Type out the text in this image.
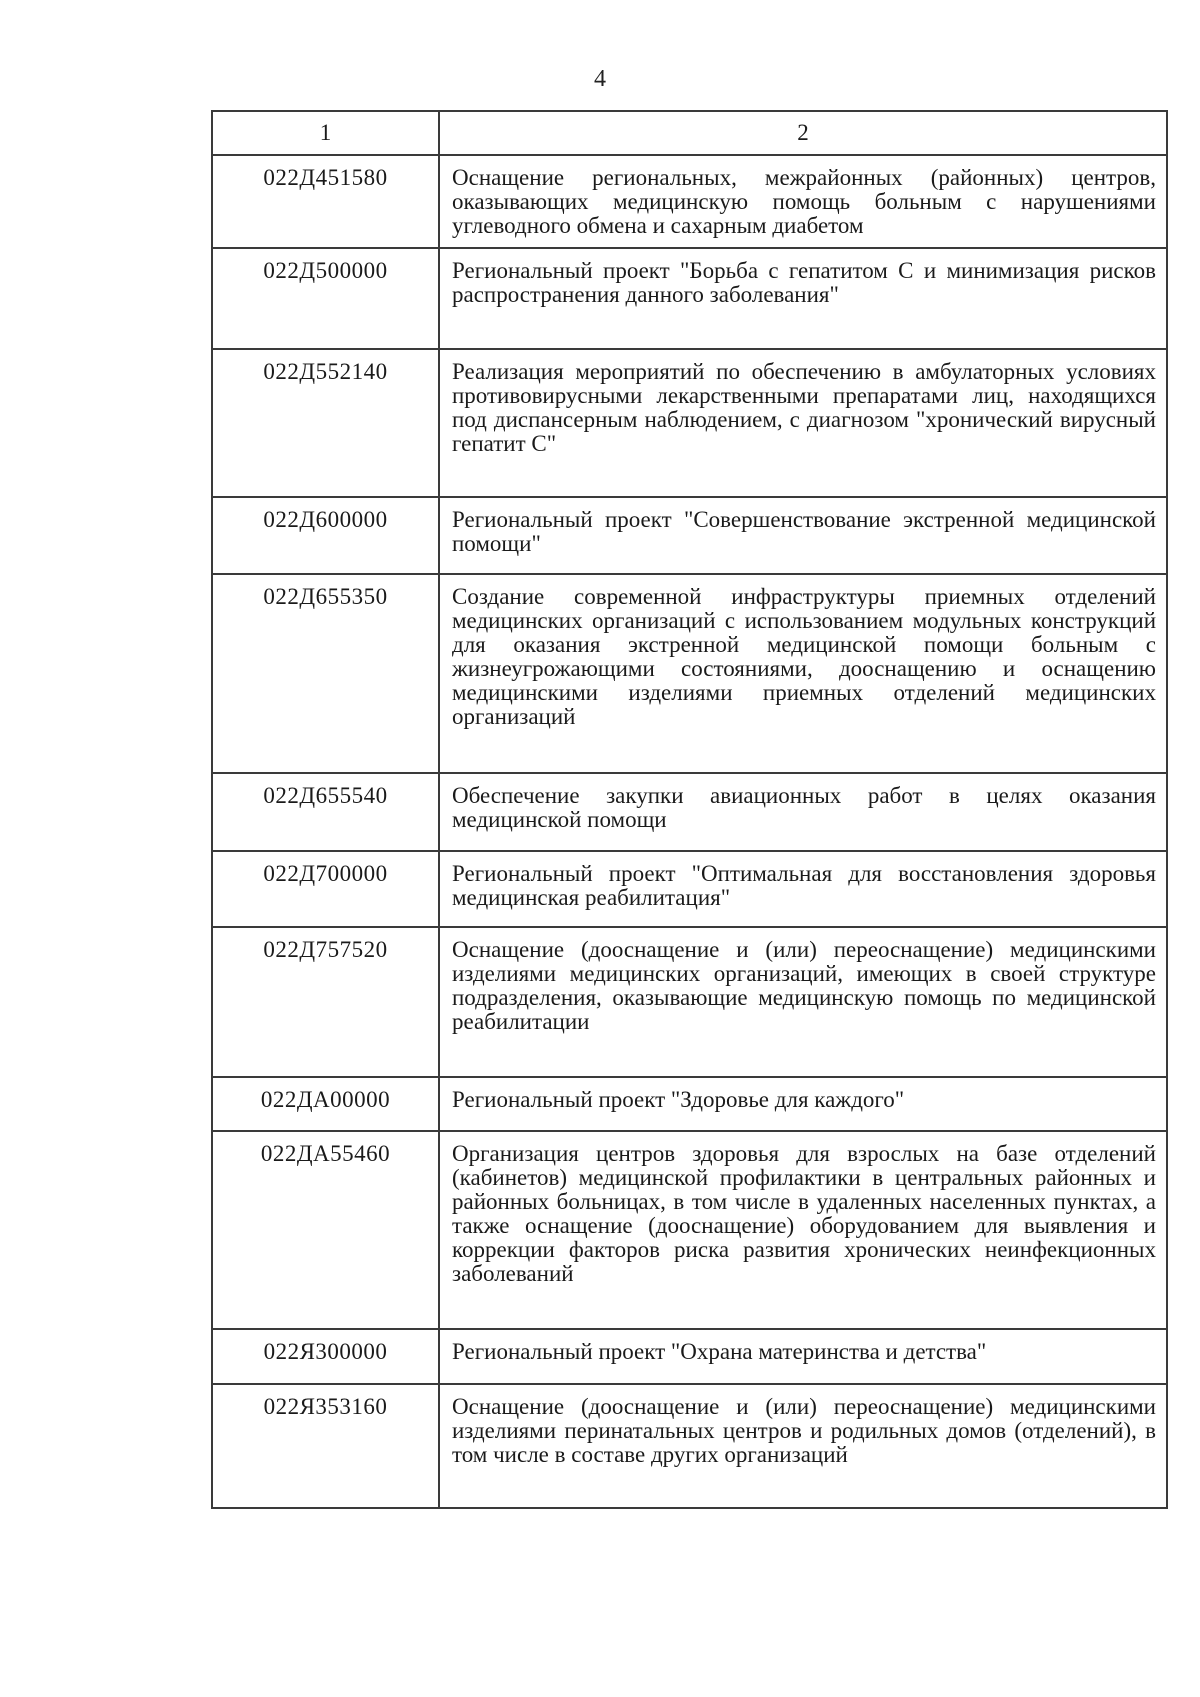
4
1	2
022Д451580	Оснащение региональных, межрайонных (районных) центров, оказывающих медицинскую помощь больным с нарушениями углеводного обмена и сахарным диабетом
022Д500000	Региональный проект "Борьба с гепатитом С и минимизация рисков распространения данного заболевания"
022Д552140	Реализация мероприятий по обеспечению в амбулаторных условиях противовирусными лекарственными препаратами лиц, находящихся под диспансерным наблюдением, с диагнозом "хронический вирусный гепатит С"
022Д600000	Региональный проект "Совершенствование экстренной медицинской помощи"
022Д655350	Создание современной инфраструктуры приемных отделений медицинских организаций с использованием модульных конструкций для оказания экстренной медицинской помощи больным с жизнеугрожающими состояниями, дооснащению и оснащению медицинскими изделиями приемных отделений медицинских организаций
022Д655540	Обеспечение закупки авиационных работ в целях оказания медицинской помощи
022Д700000	Региональный проект "Оптимальная для восстановления здоровья медицинская реабилитация"
022Д757520	Оснащение (дооснащение и (или) переоснащение) медицинскими изделиями медицинских организаций, имеющих в своей структуре подразделения, оказывающие медицинскую помощь по медицинской реабилитации
022ДА00000	Региональный проект "Здоровье для каждого"
022ДА55460	Организация центров здоровья для взрослых на базе отделений (кабинетов) медицинской профилактики в центральных районных и районных больницах, в том числе в удаленных населенных пунктах, а также оснащение (дооснащение) оборудованием для выявления и коррекции факторов риска развития хронических неинфекционных заболеваний
022Я300000	Региональный проект "Охрана материнства и детства"
022Я353160	Оснащение (дооснащение и (или) переоснащение) медицинскими изделиями перинатальных центров и родильных домов (отделений), в том числе в составе других организаций
